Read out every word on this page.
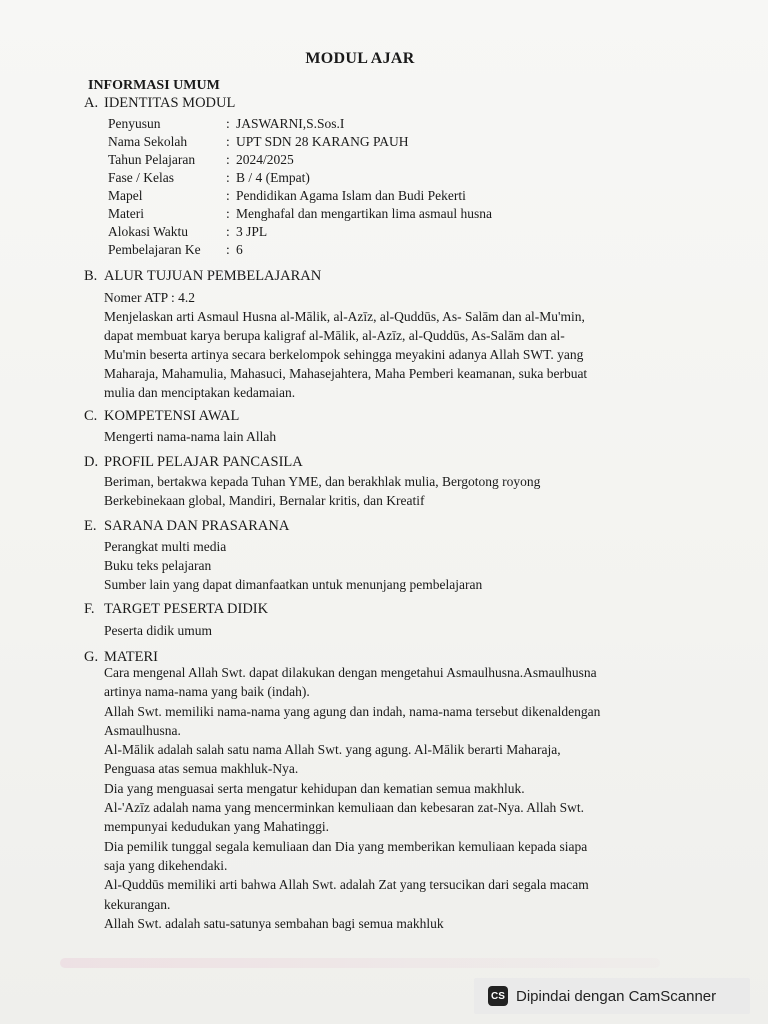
MODUL AJAR
INFORMASI UMUM
A. IDENTITAS MODUL
Penyusun	: JASWARNI,S.Sos.I
Nama Sekolah	: UPT SDN 28 KARANG PAUH
Tahun Pelajaran	: 2024/2025
Fase / Kelas	: B / 4 (Empat)
Mapel	: Pendidikan Agama Islam dan Budi Pekerti
Materi	: Menghafal dan mengartikan lima asmaul husna
Alokasi Waktu	: 3 JPL
Pembelajaran Ke	: 6
B. ALUR TUJUAN PEMBELAJARAN
Nomer ATP : 4.2
Menjelaskan arti Asmaul Husna al-Mālik, al-Azīz, al-Quddūs, As- Salām dan al-Mu'min,
dapat membuat karya berupa kaligraf al-Mālik, al-Azīz, al-Quddūs, As-Salām dan al-
Mu'min beserta artinya secara berkelompok sehingga meyakini adanya Allah SWT. yang
Maharaja, Mahamulia, Mahasuci, Mahasejahtera, Maha Pemberi keamanan, suka berbuat
mulia dan menciptakan kedamaian.
C. KOMPETENSI AWAL
Mengerti nama-nama lain Allah
D. PROFIL PELAJAR PANCASILA
Beriman, bertakwa kepada Tuhan YME, dan berakhlak mulia, Bergotong royong
Berkebinekaan global, Mandiri, Bernalar kritis, dan Kreatif
E. SARANA DAN PRASARANA
Perangkat multi media
Buku teks pelajaran
Sumber lain yang dapat dimanfaatkan untuk menunjang pembelajaran
F. TARGET PESERTA DIDIK
Peserta didik umum
G. MATERI
Cara mengenal Allah Swt. dapat dilakukan dengan mengetahui Asmaulhusna.Asmaulhusna
artinya nama-nama yang baik (indah).
Allah Swt. memiliki nama-nama yang agung dan indah, nama-nama tersebut dikenaldengan
Asmaulhusna.
Al-Mālik adalah salah satu nama Allah Swt. yang agung. Al-Mālik berarti Maharaja,
Penguasa atas semua makhluk-Nya.
Dia yang menguasai serta mengatur kehidupan dan kematian semua makhluk.
Al-'Azīz adalah nama yang mencerminkan kemuliaan dan kebesaran zat-Nya. Allah Swt.
mempunyai kedudukan yang Mahatinggi.
Dia pemilik tunggal segala kemuliaan dan Dia yang memberikan kemuliaan kepada siapa
saja yang dikehendaki.
Al-Quddūs memiliki arti bahwa Allah Swt. adalah Zat yang tersucikan dari segala macam
kekurangan.
Allah Swt. adalah satu-satunya sembahan bagi semua makhluk
CS Dipindai dengan CamScanner
